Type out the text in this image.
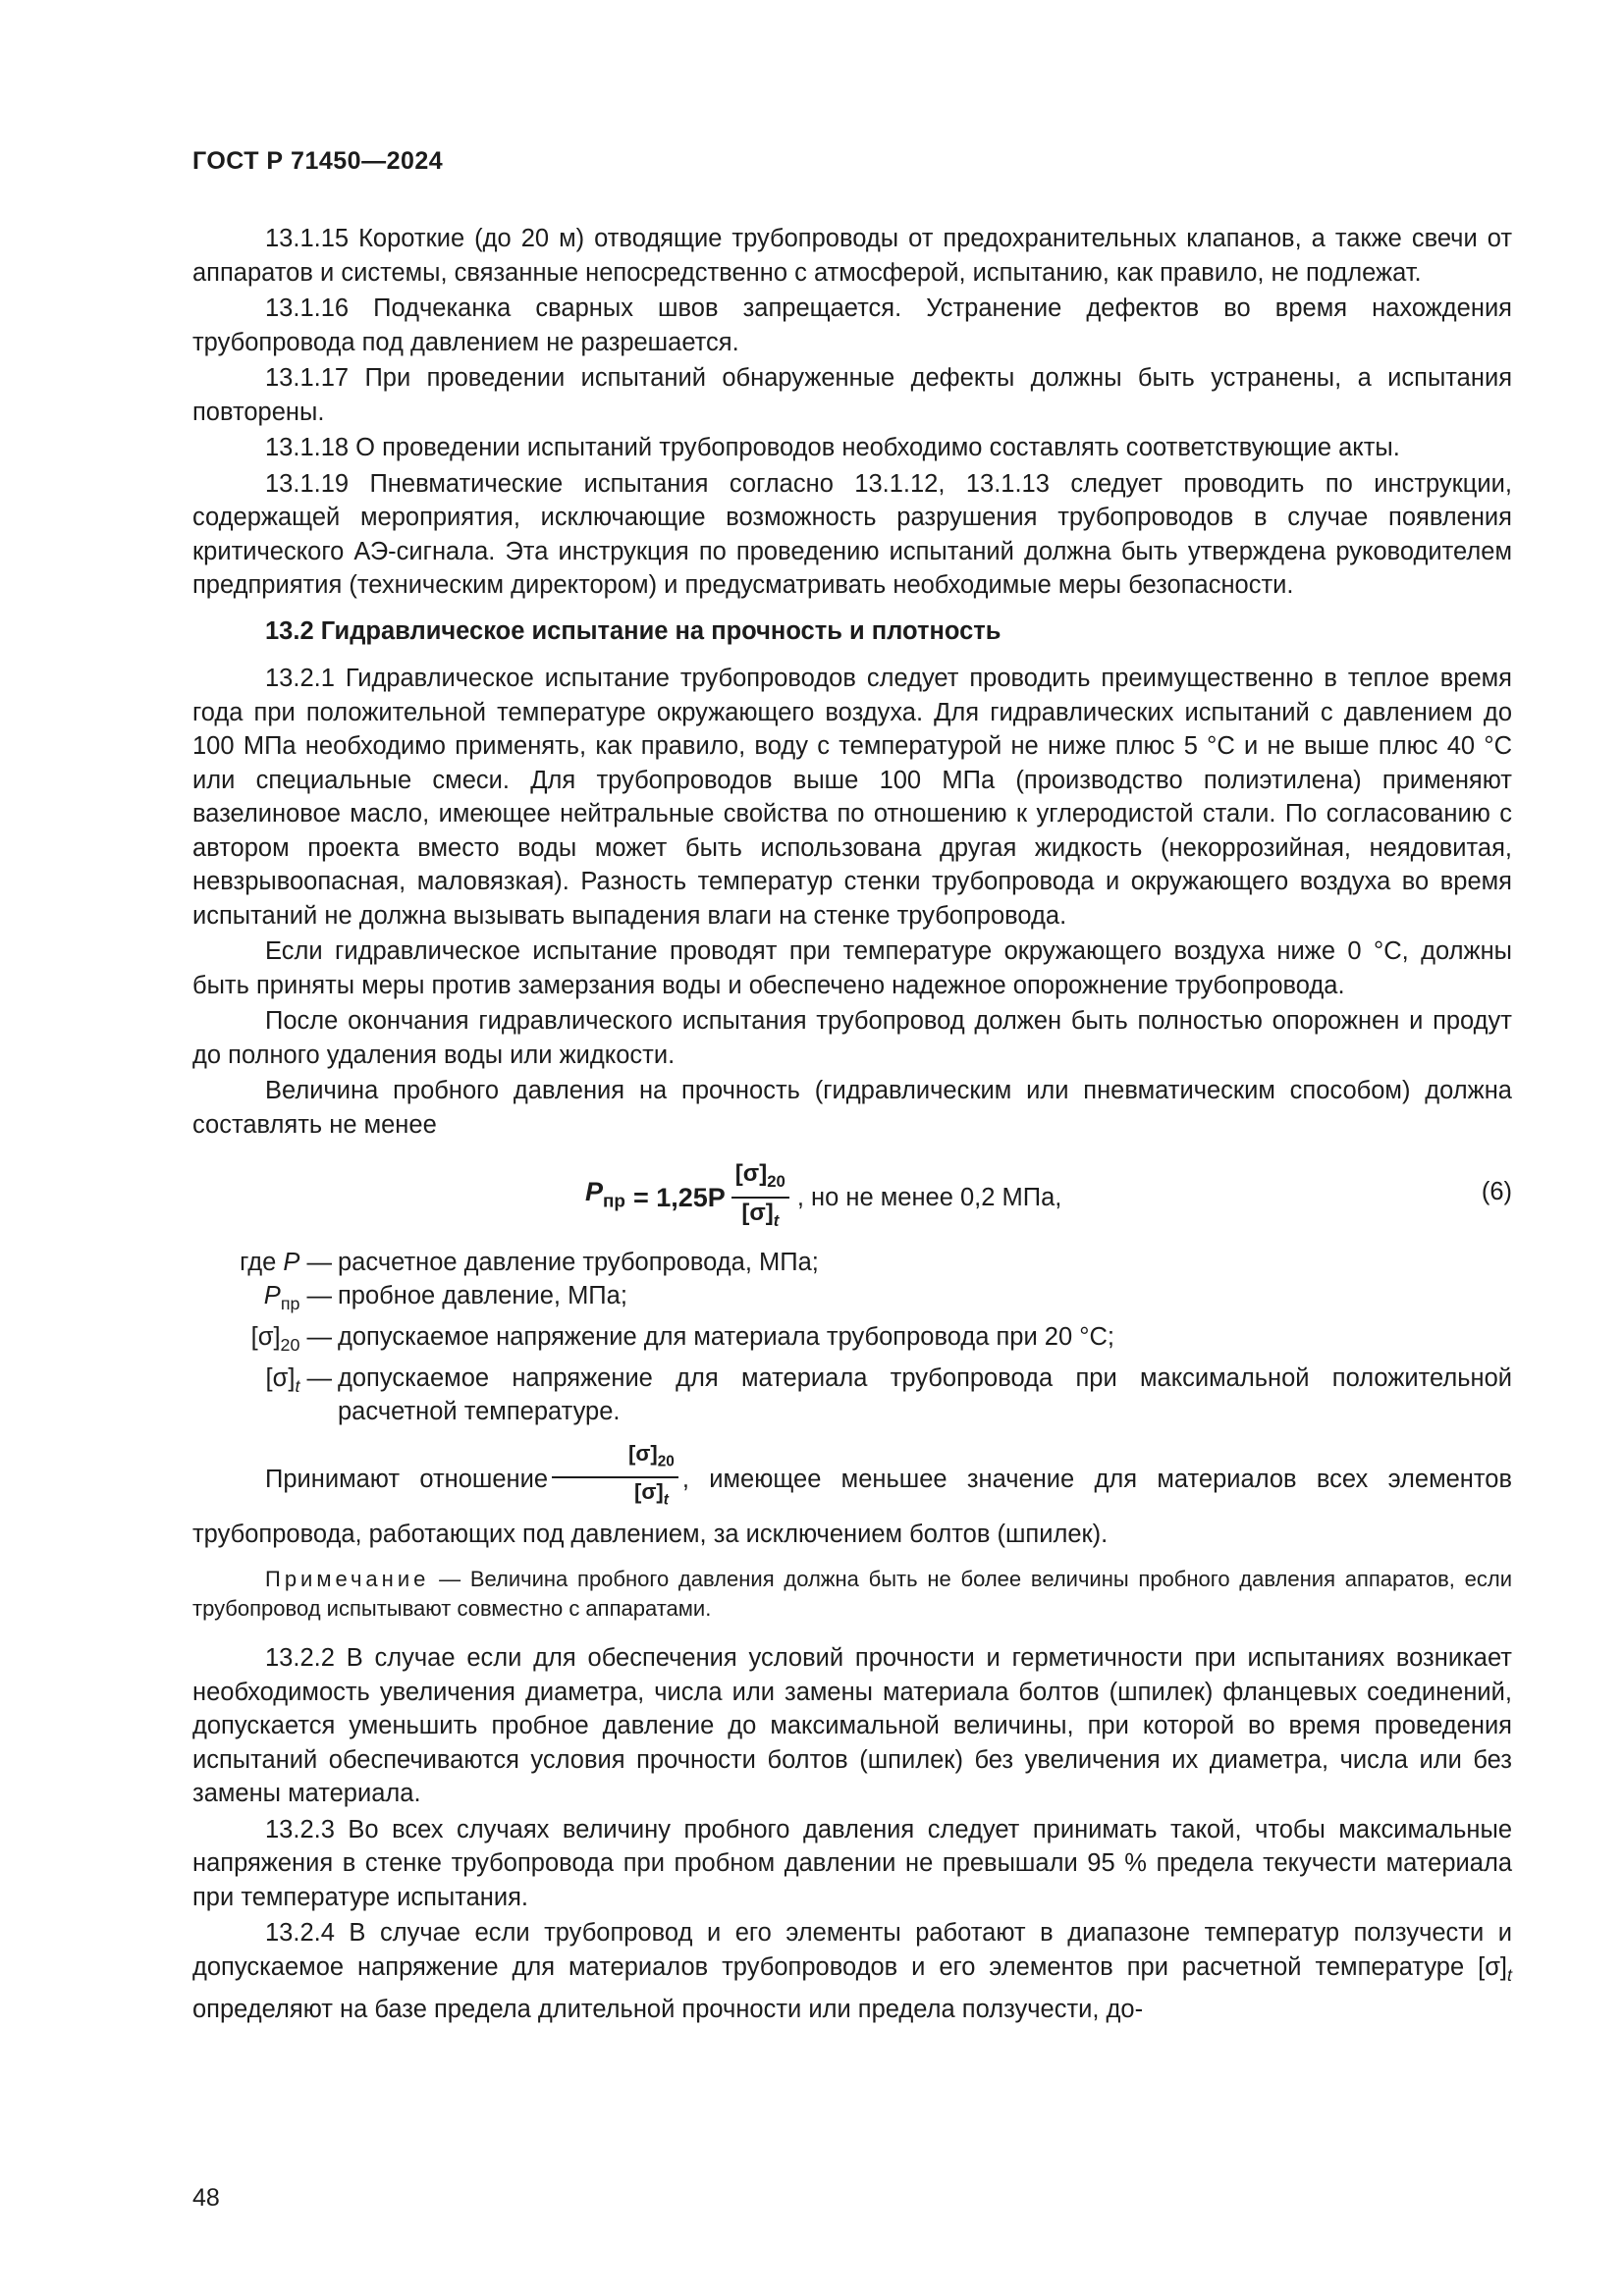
ГОСТ Р 71450—2024

13.1.15 Короткие (до 20 м) отводящие трубопроводы от предохранительных клапанов, а также свечи от аппаратов и системы, связанные непосредственно с атмосферой, испытанию, как правило, не подлежат.

13.1.16 Подчеканка сварных швов запрещается. Устранение дефектов во время нахождения трубопровода под давлением не разрешается.

13.1.17 При проведении испытаний обнаруженные дефекты должны быть устранены, а испытания повторены.

13.1.18 О проведении испытаний трубопроводов необходимо составлять соответствующие акты.

13.1.19 Пневматические испытания согласно 13.1.12, 13.1.13 следует проводить по инструкции, содержащей мероприятия, исключающие возможность разрушения трубопроводов в случае появления критического АЭ-сигнала. Эта инструкция по проведению испытаний должна быть утверждена руководителем предприятия (техническим директором) и предусматривать необходимые меры безопасности.

13.2 Гидравлическое испытание на прочность и плотность

13.2.1 Гидравлическое испытание трубопроводов следует проводить преимущественно в теплое время года при положительной температуре окружающего воздуха. Для гидравлических испытаний с давлением до 100 МПа необходимо применять, как правило, воду с температурой не ниже плюс 5 °С и не выше плюс 40 °С или специальные смеси. Для трубопроводов выше 100 МПа (производство полиэтилена) применяют вазелиновое масло, имеющее нейтральные свойства по отношению к углеродистой стали. По согласованию с автором проекта вместо воды может быть использована другая жидкость (некоррозийная, неядовитая, невзрывоопасная, маловязкая). Разность температур стенки трубопровода и окружающего воздуха во время испытаний не должна вызывать выпадения влаги на стенке трубопровода.

Если гидравлическое испытание проводят при температуре окружающего воздуха ниже 0 °С, должны быть приняты меры против замерзания воды и обеспечено надежное опорожнение трубопровода.

После окончания гидравлического испытания трубопровод должен быть полностью опорожнен и продут до полного удаления воды или жидкости.

Величина пробного давления на прочность (гидравлическим или пневматическим способом) должна составлять не менее

$P_{пр} = 1,25P \frac{[\sigma]_{20}}{[\sigma]_t}$ , но не менее 0,2 МПа,	(6)
где P —	расчетное давление трубопровода, МПа;
$P_{пр}$ —	пробное давление, МПа;
$[\sigma]_{20}$ —	допускаемое напряжение для материала трубопровода при 20 °С;
$[\sigma]_t$ —	допускаемое напряжение для материала трубопровода при максимальной положительной расчетной температуре.

Принимают отношение $\frac{[\sigma]_{20}}{[\sigma]_t}$ , имеющее меньшее значение для материалов всех элементов трубопровода, работающих под давлением, за исключением болтов (шпилек).

Примечание — Величина пробного давления должна быть не более величины пробного давления аппаратов, если трубопровод испытывают совместно с аппаратами.

13.2.2 В случае если для обеспечения условий прочности и герметичности при испытаниях возникает необходимость увеличения диаметра, числа или замены материала болтов (шпилек) фланцевых соединений, допускается уменьшить пробное давление до максимальной величины, при которой во время проведения испытаний обеспечиваются условия прочности болтов (шпилек) без увеличения их диаметра, числа или без замены материала.

13.2.3 Во всех случаях величину пробного давления следует принимать такой, чтобы максимальные напряжения в стенке трубопровода при пробном давлении не превышали 95 % предела текучести материала при температуре испытания.

13.2.4 В случае если трубопровод и его элементы работают в диапазоне температур ползучести и допускаемое напряжение для материалов трубопроводов и его элементов при расчетной температуре $[\sigma]_t$ определяют на базе предела длительной прочности или предела ползучести, до-

48
